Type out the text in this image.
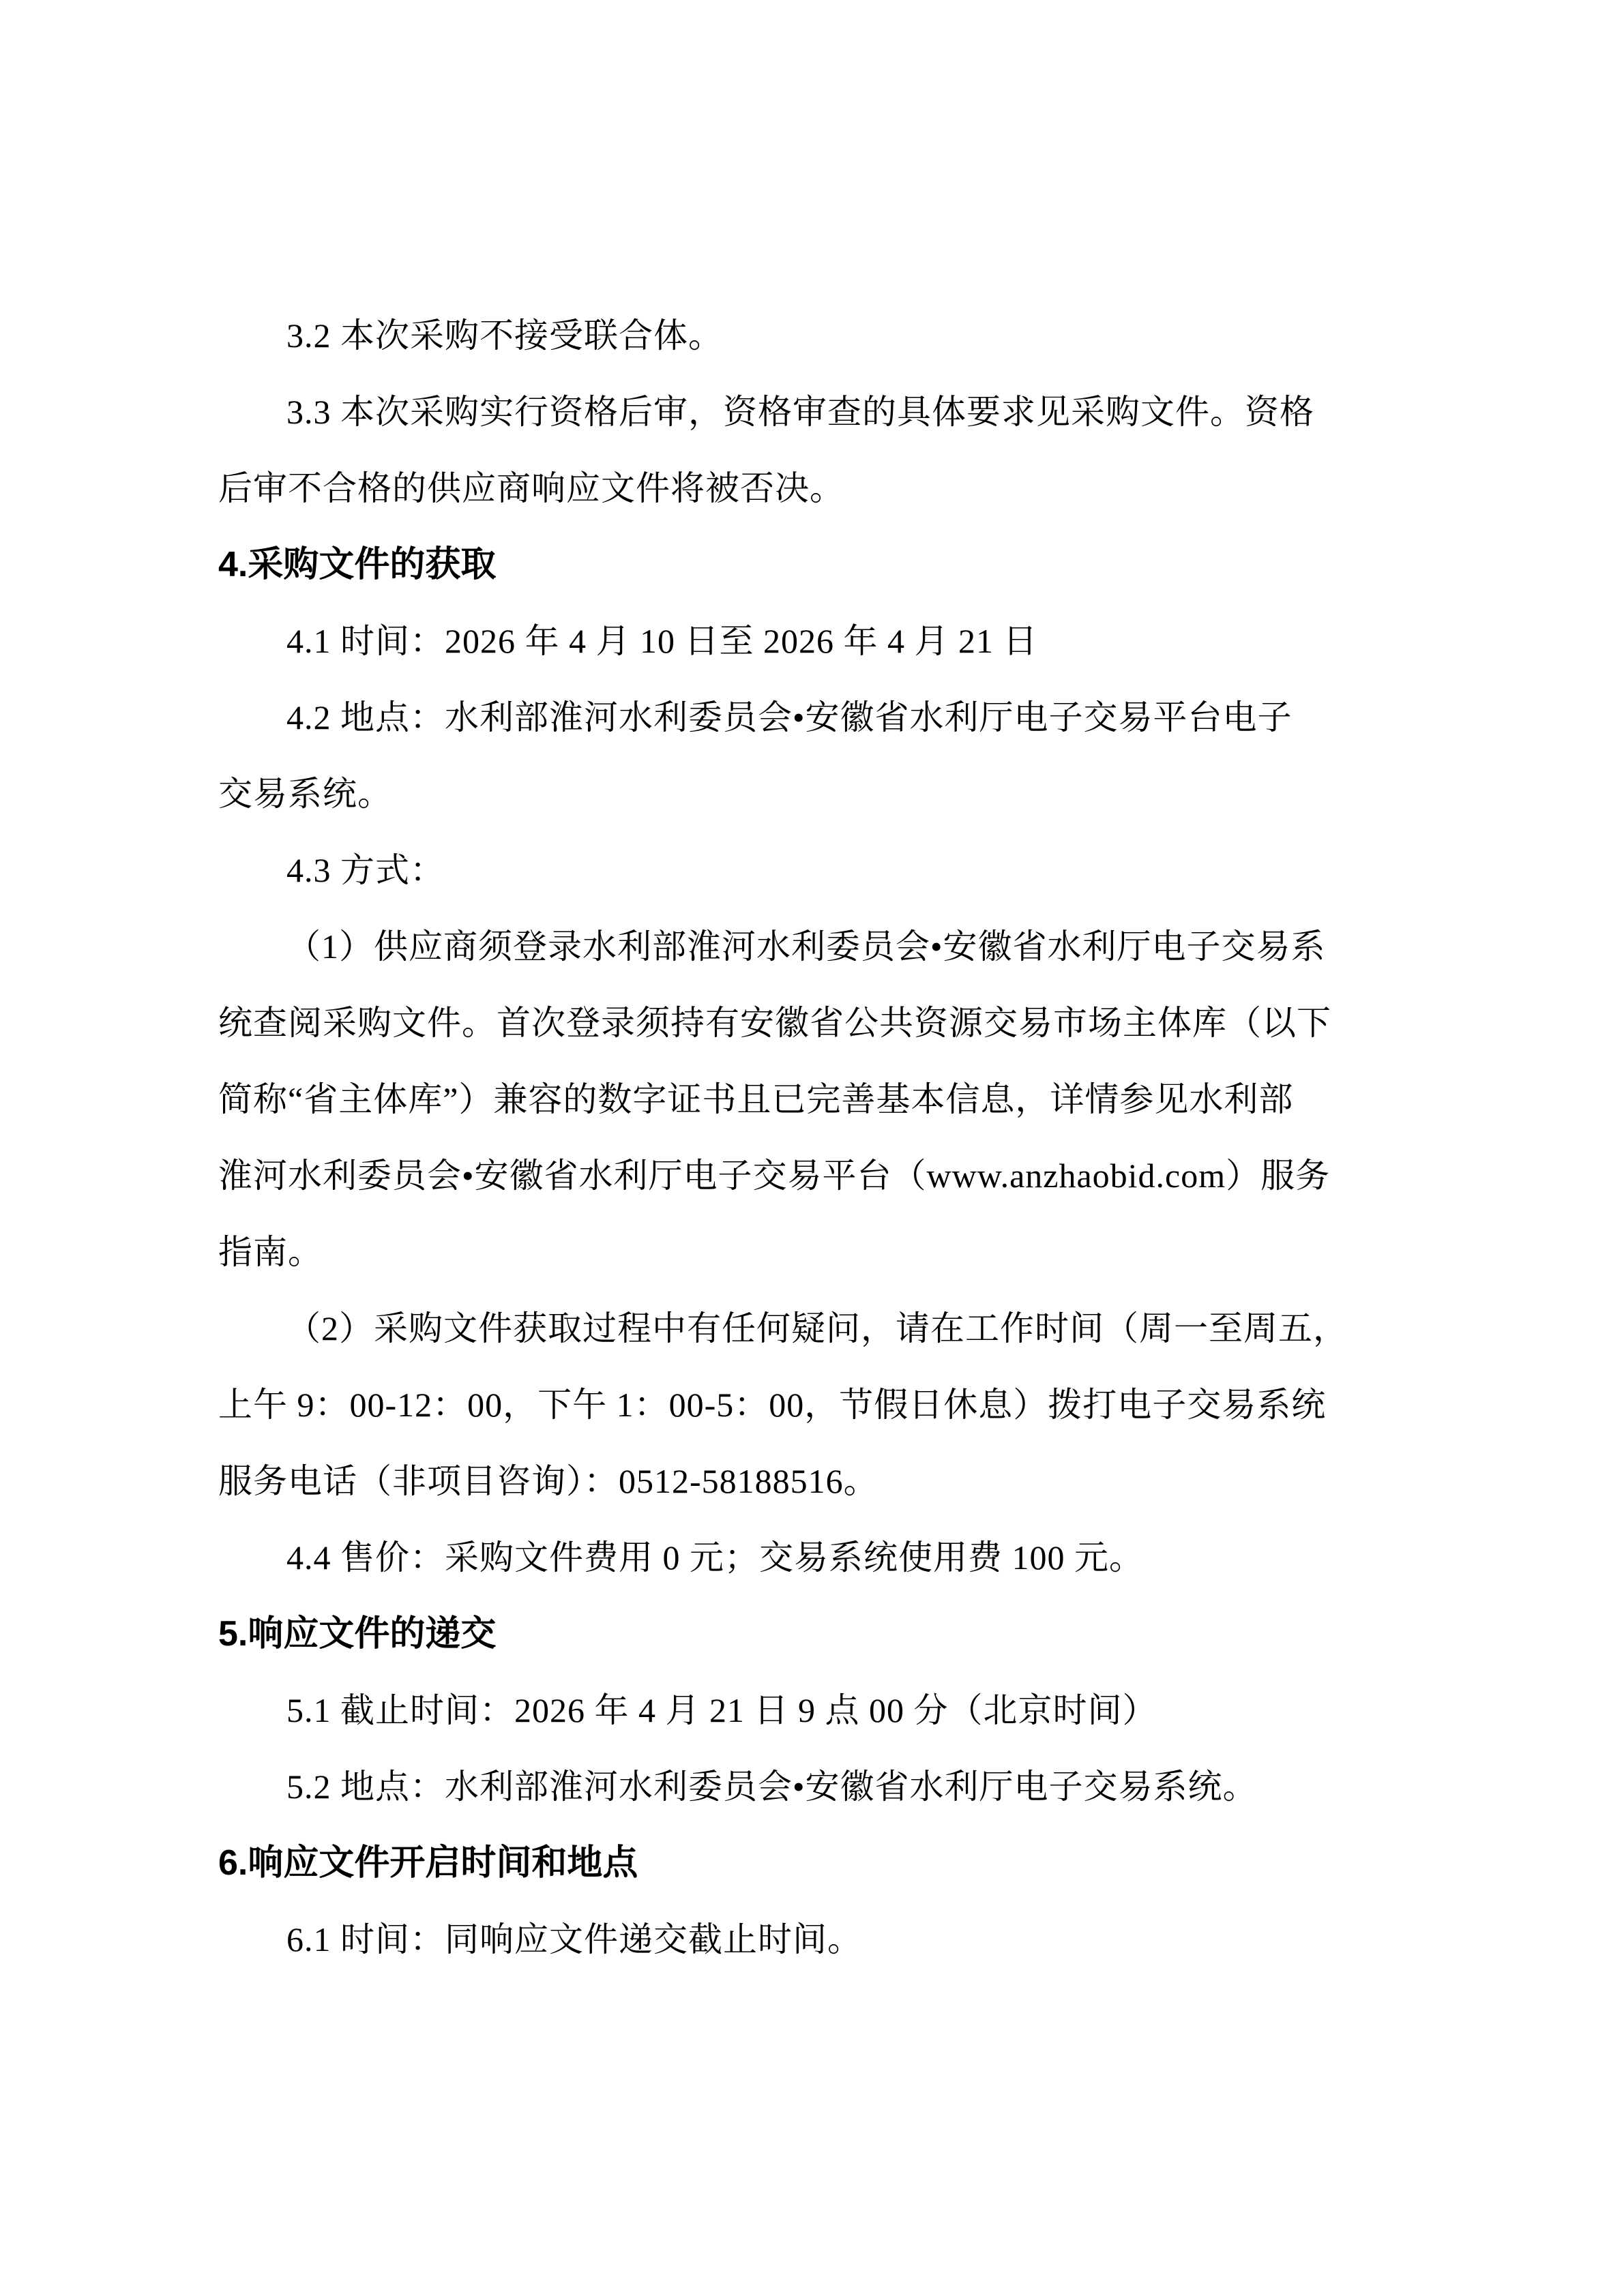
3.2 本次采购不接受联合体。
3.3 本次采购实行资格后审，资格审查的具体要求见采购文件。资格
后审不合格的供应商响应文件将被否决。
4.采购文件的获取
4.1 时间：2026 年 4 月 10 日至 2026 年 4 月 21 日
4.2 地点：水利部淮河水利委员会•安徽省水利厅电子交易平台电子
交易系统。
4.3 方式：
（1）供应商须登录水利部淮河水利委员会•安徽省水利厅电子交易系
统查阅采购文件。首次登录须持有安徽省公共资源交易市场主体库（以下
简称“省主体库”）兼容的数字证书且已完善基本信息，详情参见水利部
淮河水利委员会•安徽省水利厅电子交易平台（www.anzhaobid.com）服务
指南。
（2）采购文件获取过程中有任何疑问，请在工作时间（周一至周五，
上午 9：00-12：00，下午 1：00-5：00，节假日休息）拨打电子交易系统
服务电话（非项目咨询）：0512-58188516。
4.4 售价：采购文件费用 0 元；交易系统使用费 100 元。
5.响应文件的递交
5.1 截止时间：2026 年 4 月 21 日 9 点 00 分（北京时间）
5.2 地点：水利部淮河水利委员会•安徽省水利厅电子交易系统。
6.响应文件开启时间和地点
6.1 时间：同响应文件递交截止时间。
